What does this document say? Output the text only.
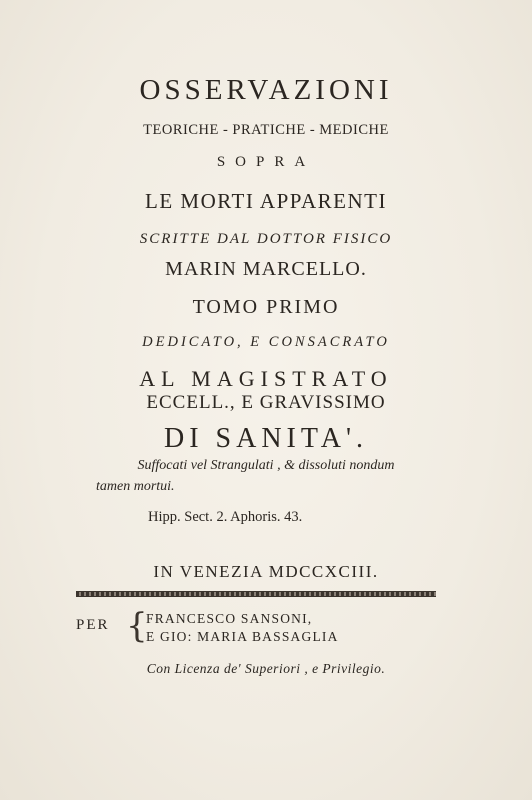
OSSERVAZIONI
TEORICHE - PRATICHE - MEDICHE
SOPRA
LE MORTI APPARENTI
SCRITTE DAL DOTTOR FISICO
MARIN MARCELLO.
TOMO PRIMO
DEDICATO, E CONSACRATO
AL MAGISTRATO
ECCELL., E GRAVISSIMO
DI SANITA'.
Suffocati vel Strangulati , & dissoluti nondum
tamen mortui.
Hipp. Sect. 2. Aphoris. 43.
IN VENEZIA MDCCXCIII.
PER {
FRANCESCO SANSONI,
E GIO: MARIA BASSAGLIA
Con Licenza de' Superiori , e Privilegio.
